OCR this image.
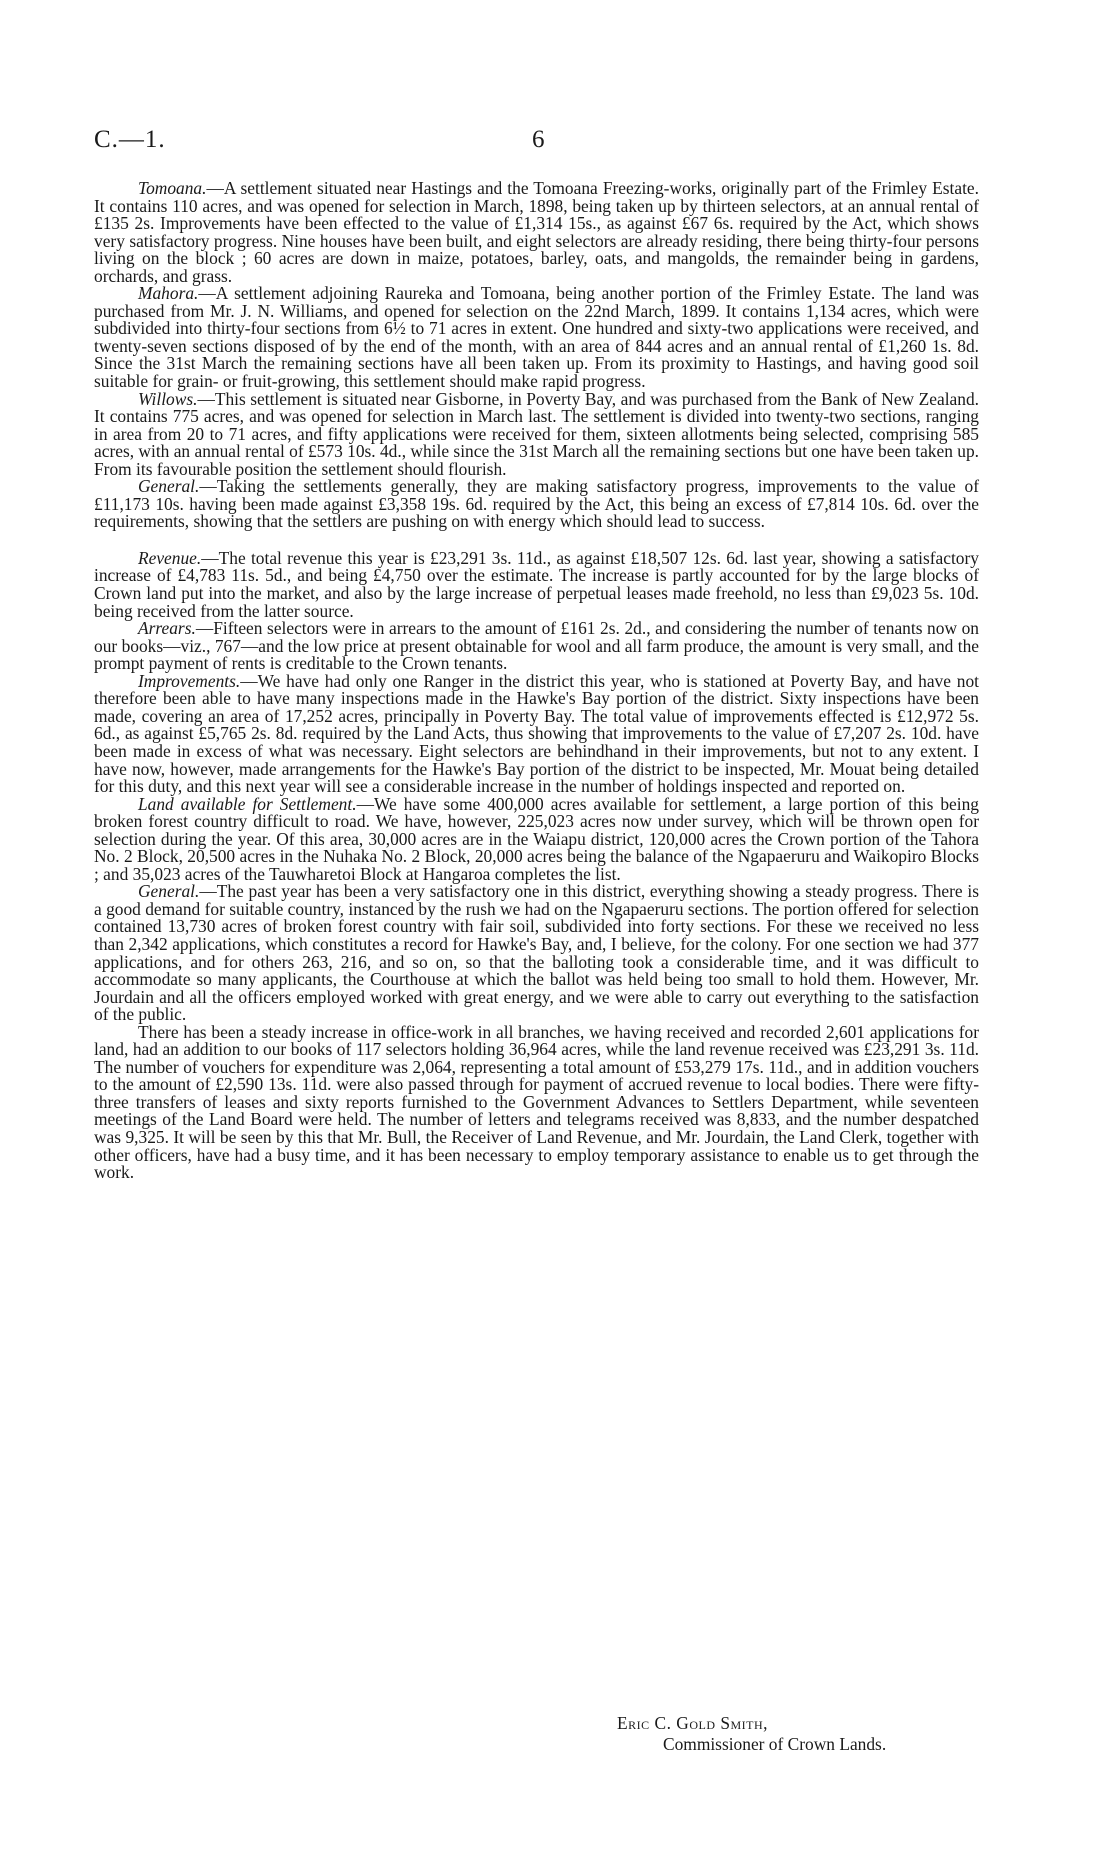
C.—1.	6

Tomoana.—A settlement situated near Hastings and the Tomoana Freezing-works, originally part of the Frimley Estate. It contains 110 acres, and was opened for selection in March, 1898, being taken up by thirteen selectors, at an annual rental of £135 2s. Improvements have been effected to the value of £1,314 15s., as against £67 6s. required by the Act, which shows very satisfactory progress. Nine houses have been built, and eight selectors are already residing, there being thirty-four persons living on the block ; 60 acres are down in maize, potatoes, barley, oats, and mangolds, the remainder being in gardens, orchards, and grass.

Mahora.—A settlement adjoining Raureka and Tomoana, being another portion of the Frimley Estate. The land was purchased from Mr. J. N. Williams, and opened for selection on the 22nd March, 1899. It contains 1,134 acres, which were subdivided into thirty-four sections from 6½ to 71 acres in extent. One hundred and sixty-two applications were received, and twenty-seven sections disposed of by the end of the month, with an area of 844 acres and an annual rental of £1,260 1s. 8d. Since the 31st March the remaining sections have all been taken up. From its proximity to Hastings, and having good soil suitable for grain- or fruit-growing, this settlement should make rapid progress.

Willows.—This settlement is situated near Gisborne, in Poverty Bay, and was purchased from the Bank of New Zealand. It contains 775 acres, and was opened for selection in March last. The settlement is divided into twenty-two sections, ranging in area from 20 to 71 acres, and fifty applications were received for them, sixteen allotments being selected, comprising 585 acres, with an annual rental of £573 10s. 4d., while since the 31st March all the remaining sections but one have been taken up. From its favourable position the settlement should flourish.

General.—Taking the settlements generally, they are making satisfactory progress, improvements to the value of £11,173 10s. having been made against £3,358 19s. 6d. required by the Act, this being an excess of £7,814 10s. 6d. over the requirements, showing that the settlers are pushing on with energy which should lead to success.

Revenue.—The total revenue this year is £23,291 3s. 11d., as against £18,507 12s. 6d. last year, showing a satisfactory increase of £4,783 11s. 5d., and being £4,750 over the estimate. The increase is partly accounted for by the large blocks of Crown land put into the market, and also by the large increase of perpetual leases made freehold, no less than £9,023 5s. 10d. being received from the latter source.

Arrears.—Fifteen selectors were in arrears to the amount of £161 2s. 2d., and considering the number of tenants now on our books—viz., 767—and the low price at present obtainable for wool and all farm produce, the amount is very small, and the prompt payment of rents is creditable to the Crown tenants.

Improvements.—We have had only one Ranger in the district this year, who is stationed at Poverty Bay, and have not therefore been able to have many inspections made in the Hawke's Bay portion of the district. Sixty inspections have been made, covering an area of 17,252 acres, principally in Poverty Bay. The total value of improvements effected is £12,972 5s. 6d., as against £5,765 2s. 8d. required by the Land Acts, thus showing that improvements to the value of £7,207 2s. 10d. have been made in excess of what was necessary. Eight selectors are behindhand in their improvements, but not to any extent. I have now, however, made arrangements for the Hawke's Bay portion of the district to be inspected, Mr. Mouat being detailed for this duty, and this next year will see a considerable increase in the number of holdings inspected and reported on.

Land available for Settlement.—We have some 400,000 acres available for settlement, a large portion of this being broken forest country difficult to road. We have, however, 225,023 acres now under survey, which will be thrown open for selection during the year. Of this area, 30,000 acres are in the Waiapu district, 120,000 acres the Crown portion of the Tahora No. 2 Block, 20,500 acres in the Nuhaka No. 2 Block, 20,000 acres being the balance of the Ngapaeruru and Waikopiro Blocks ; and 35,023 acres of the Tauwharetoi Block at Hangaroa completes the list.

General.—The past year has been a very satisfactory one in this district, everything showing a steady progress. There is a good demand for suitable country, instanced by the rush we had on the Ngapaeruru sections. The portion offered for selection contained 13,730 acres of broken forest country with fair soil, subdivided into forty sections. For these we received no less than 2,342 applications, which constitutes a record for Hawke's Bay, and, I believe, for the colony. For one section we had 377 applications, and for others 263, 216, and so on, so that the balloting took a considerable time, and it was difficult to accommodate so many applicants, the Courthouse at which the ballot was held being too small to hold them. However, Mr. Jourdain and all the officers employed worked with great energy, and we were able to carry out everything to the satisfaction of the public.

There has been a steady increase in office-work in all branches, we having received and recorded 2,601 applications for land, had an addition to our books of 117 selectors holding 36,964 acres, while the land revenue received was £23,291 3s. 11d. The number of vouchers for expenditure was 2,064, representing a total amount of £53,279 17s. 11d., and in addition vouchers to the amount of £2,590 13s. 11d. were also passed through for payment of accrued revenue to local bodies. There were fifty-three transfers of leases and sixty reports furnished to the Government Advances to Settlers Department, while seventeen meetings of the Land Board were held. The number of letters and telegrams received was 8,833, and the number despatched was 9,325. It will be seen by this that Mr. Bull, the Receiver of Land Revenue, and Mr. Jourdain, the Land Clerk, together with other officers, have had a busy time, and it has been necessary to employ temporary assistance to enable us to get through the work.

Eric C. Gold Smith,
Commissioner of Crown Lands.
